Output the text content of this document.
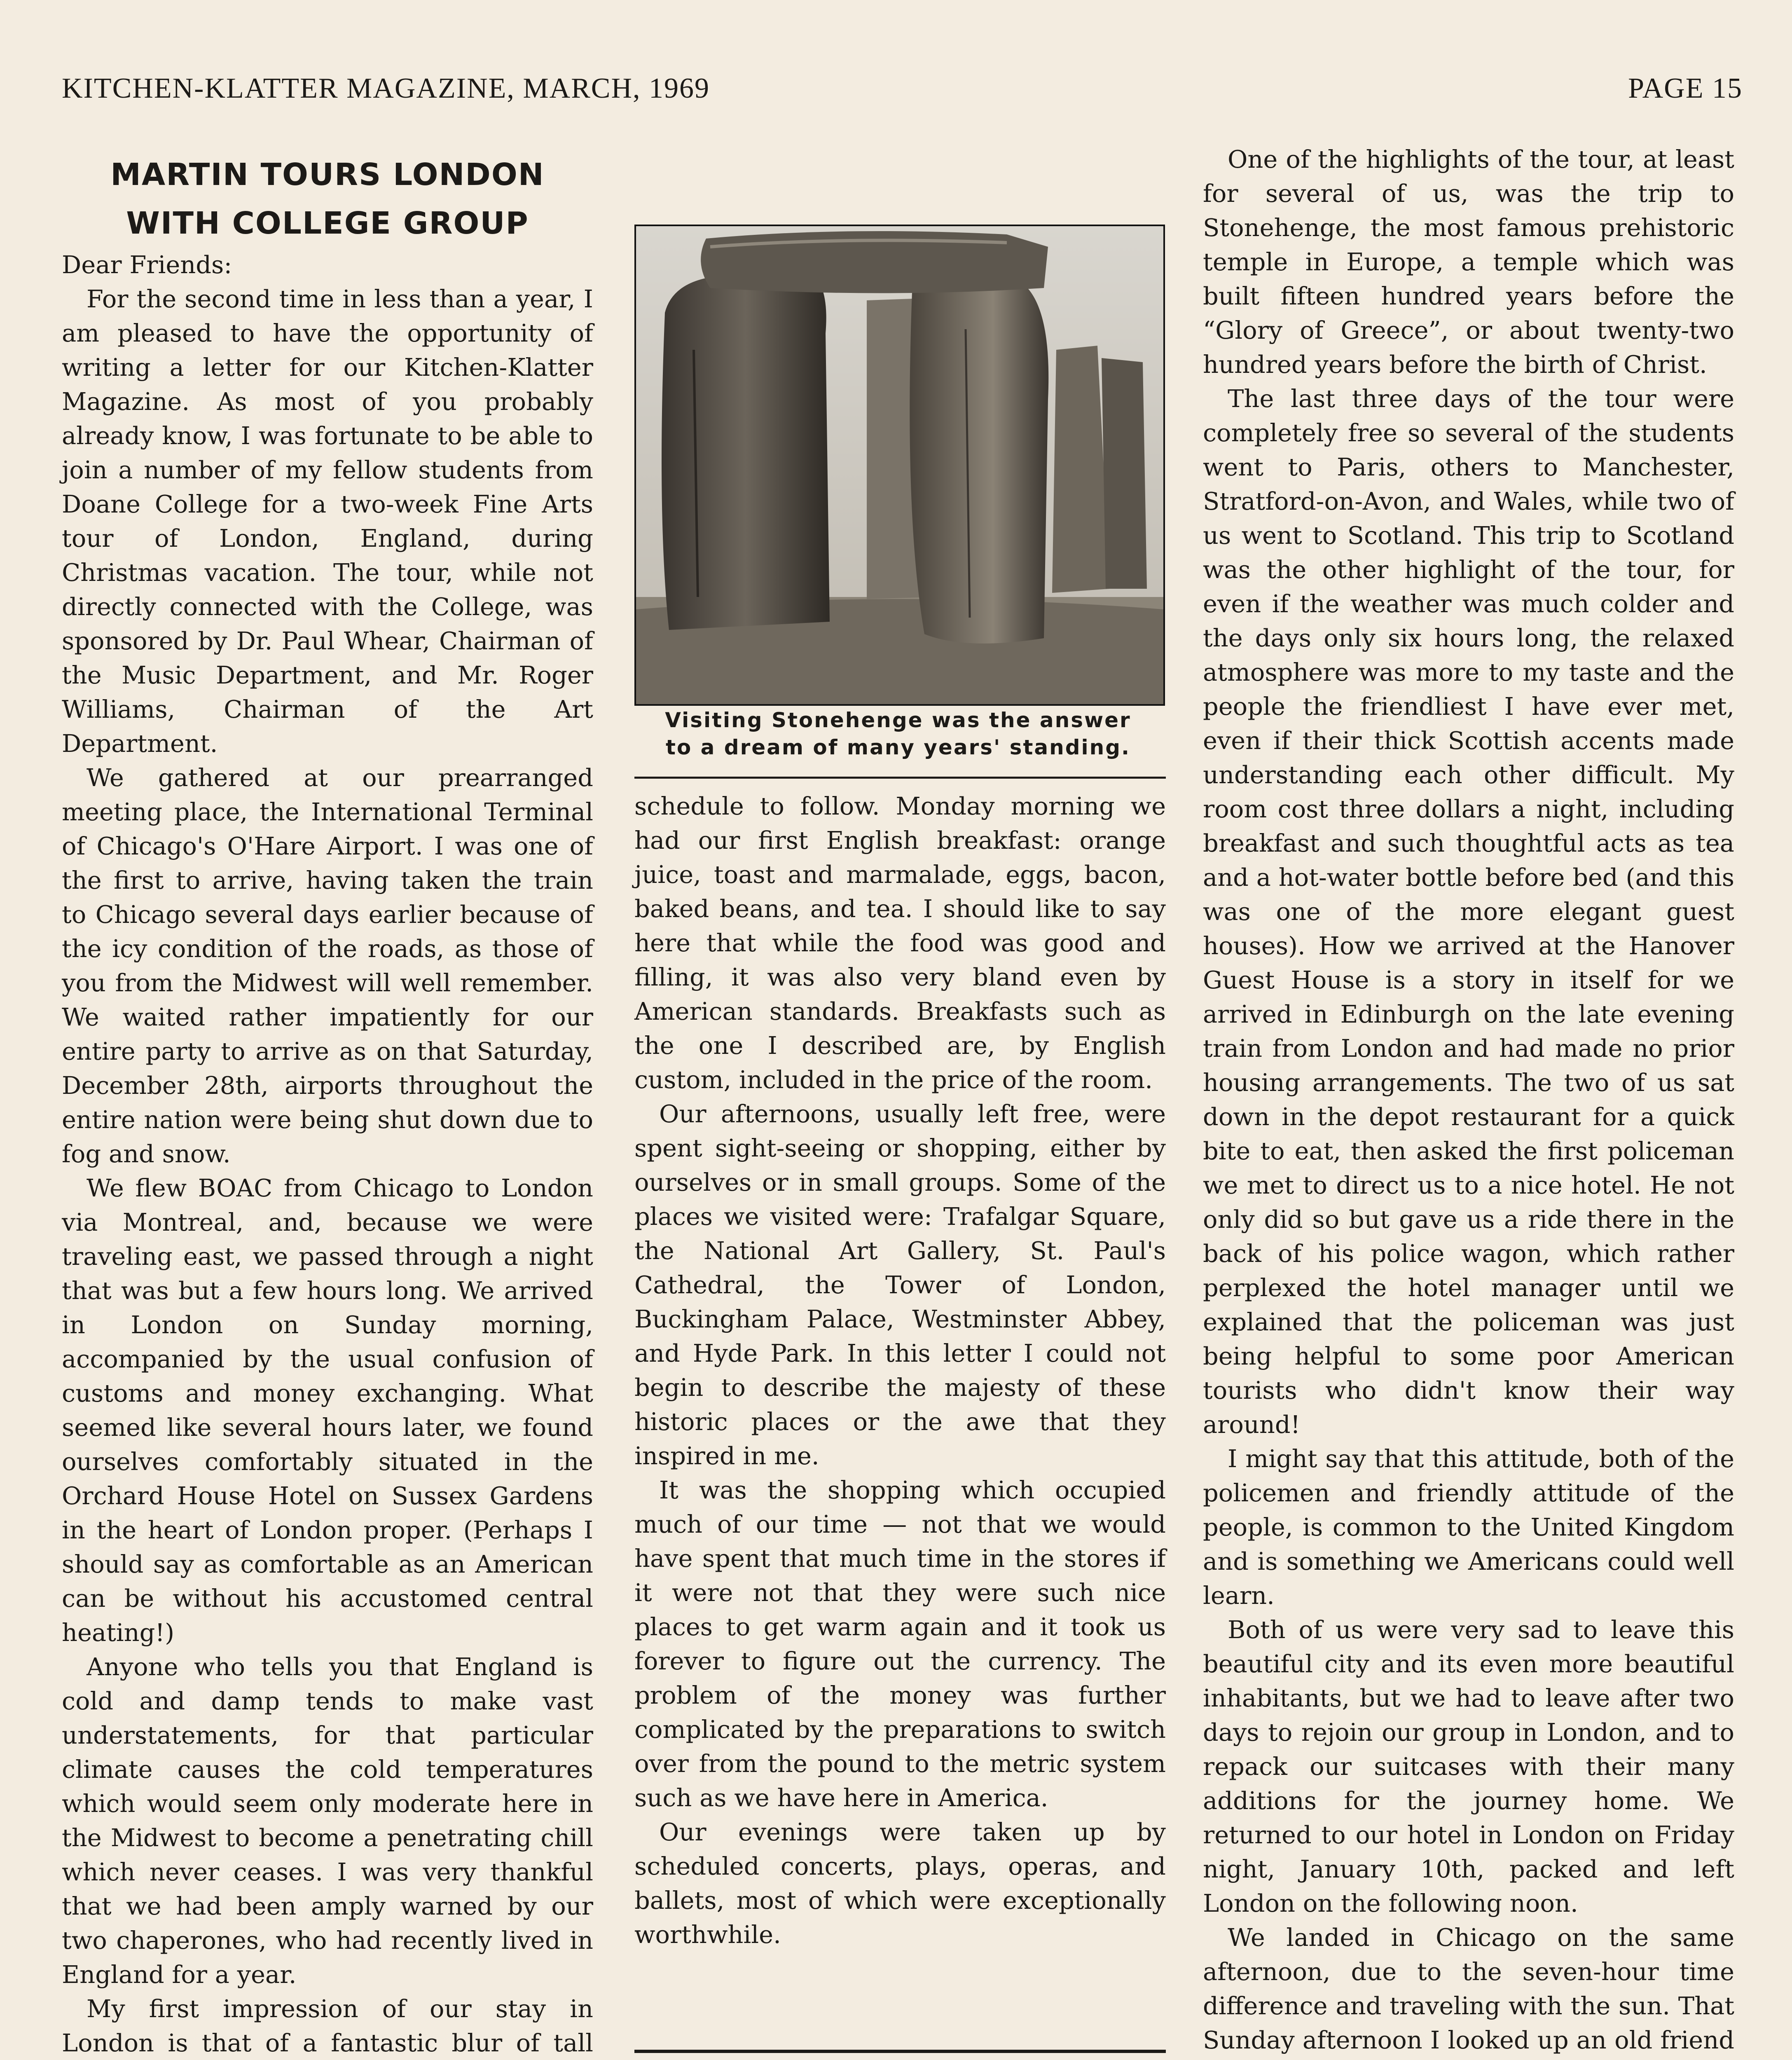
KITCHEN-KLATTER MAGAZINE, MARCH, 1969	PAGE 15
MARTIN TOURS LONDON
WITH COLLEGE GROUP

Dear Friends:

For the second time in less than a year, I am pleased to have the opportunity of writing a letter for our Kitchen-Klatter Magazine. As most of you probably already know, I was fortunate to be able to join a number of my fellow students from Doane College for a two-week Fine Arts tour of London, England, during Christmas vacation. The tour, while not directly connected with the College, was sponsored by Dr. Paul Whear, Chairman of the Music Department, and Mr. Roger Williams, Chairman of the Art Department.

We gathered at our prearranged meeting place, the International Terminal of Chicago's O'Hare Airport. I was one of the first to arrive, having taken the train to Chicago several days earlier because of the icy condition of the roads, as those of you from the Midwest will well remember. We waited rather impatiently for our entire party to arrive as on that Saturday, December 28th, airports throughout the entire nation were being shut down due to fog and snow.

We flew BOAC from Chicago to London via Montreal, and, because we were traveling east, we passed through a night that was but a few hours long. We arrived in London on Sunday morning, accompanied by the usual confusion of customs and money exchanging. What seemed like several hours later, we found ourselves comfortably situated in the Orchard House Hotel on Sussex Gardens in the heart of London proper. (Perhaps I should say as comfortable as an American can be without his accustomed central heating!)

Anyone who tells you that England is cold and damp tends to make vast understatements, for that particular climate causes the cold temperatures which would seem only moderate here in the Midwest to become a penetrating chill which never ceases. I was very thankful that we had been amply warned by our two chaperones, who had recently lived in England for a year.

My first impression of our stay in London is that of a fantastic blur of tall

Visiting Stonehenge was the answer
to a dream of many years' standing.

schedule to follow. Monday morning we had our first English breakfast: orange juice, toast and marmalade, eggs, bacon, baked beans, and tea. I should like to say here that while the food was good and filling, it was also very bland even by American standards. Breakfasts such as the one I described are, by English custom, included in the price of the room.

Our afternoons, usually left free, were spent sight-seeing or shopping, either by ourselves or in small groups. Some of the places we visited were: Trafalgar Square, the National Art Gallery, St. Paul's Cathedral, the Tower of London, Buckingham Palace, Westminster Abbey, and Hyde Park. In this letter I could not begin to describe the majesty of these historic places or the awe that they inspired in me.

It was the shopping which occupied much of our time — not that we would have spent that much time in the stores if it were not that they were such nice places to get warm again and it took us forever to figure out the currency. The problem of the money was further complicated by the preparations to switch over from the pound to the metric system such as we have here in America.

Our evenings were taken up by scheduled concerts, plays, operas, and ballets, most of which were exceptionally worthwhile.

One of the highlights of the tour, at least for several of us, was the trip to Stonehenge, the most famous prehistoric temple in Europe, a temple which was built fifteen hundred years before the “Glory of Greece”, or about twenty-two hundred years before the birth of Christ.

The last three days of the tour were completely free so several of the students went to Paris, others to Manchester, Stratford-on-Avon, and Wales, while two of us went to Scotland. This trip to Scotland was the other highlight of the tour, for even if the weather was much colder and the days only six hours long, the relaxed atmosphere was more to my taste and the people the friendliest I have ever met, even if their thick Scottish accents made understanding each other difficult. My room cost three dollars a night, including breakfast and such thoughtful acts as tea and a hot-water bottle before bed (and this was one of the more elegant guest houses). How we arrived at the Hanover Guest House is a story in itself for we arrived in Edinburgh on the late evening train from London and had made no prior housing arrangements. The two of us sat down in the depot restaurant for a quick bite to eat, then asked the first policeman we met to direct us to a nice hotel. He not only did so but gave us a ride there in the back of his police wagon, which rather perplexed the hotel manager until we explained that the policeman was just being helpful to some poor American tourists who didn't know their way around!

I might say that this attitude, both of the policemen and friendly attitude of the people, is common to the United Kingdom and is something we Americans could well learn.

Both of us were very sad to leave this beautiful city and its even more beautiful inhabitants, but we had to leave after two days to rejoin our group in London, and to repack our suitcases with their many additions for the journey home. We returned to our hotel in London on Friday night, January 10th, packed and left London on the following noon.

We landed in Chicago on the same afternoon, due to the seven-hour time difference and traveling with the sun. That Sunday afternoon I looked up an old friend
